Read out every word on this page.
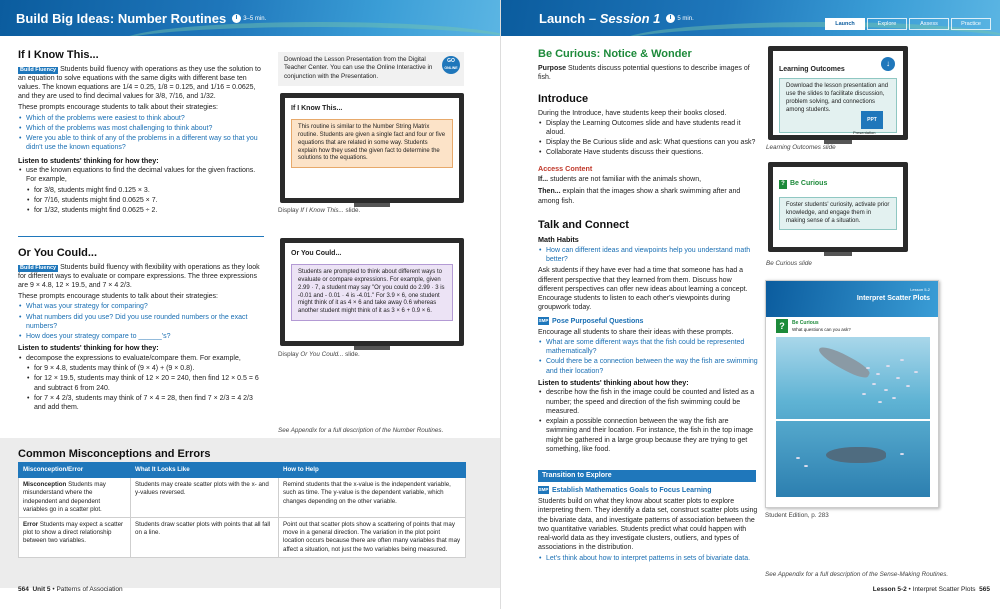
Build Big Ideas: Number Routines	3–5 min.
If I Know This...

Build Fluency Students build fluency with operations as they use the solution to an equation to solve equations with the same digits with different base ten values. The known equations are 1/4 = 0.25, 1/8 = 0.125, and 1/16 = 0.0625, and they are used to find decimal values for 3/8, 7/16, and 1/32.

These prompts encourage students to talk about their strategies:

• Which of the problems were easiest to think about?
• Which of the problems was most challenging to think about?
• Were you able to think of any of the problems in a different way so that you didn't use the known equations?
Listen to students' thinking for how they:
• use the known equations to find the decimal values for the given fractions. For example,
• for 3/8, students might find 0.125 × 3.
• for 7/16, students might find 0.0625 × 7.
• for 1/32, students might find 0.0625 ÷ 2.
Or You Could...

Build Fluency Students build fluency with flexibility with operations as they look for different ways to evaluate or compare expressions. The three expressions are 9 × 4.8, 12 × 19.5, and 7 × 4 2/3.

These prompts encourage students to talk about their strategies:

• What was your strategy for comparing?
• What numbers did you use? Did you use rounded numbers or the exact numbers?
• How does your strategy compare to ______'s?
Listen to students' thinking for how they:
• decompose the expressions to evaluate/compare them. For example,
• for 9 × 4.8, students may think of (9 × 4) + (9 × 0.8).
• for 12 × 19.5, students may think of 12 × 20 = 240, then find 12 × 0.5 = 6 and subtract 6 from 240.
• for 7 × 4 2/3, students may think of 7 × 4 = 28, then find 7 × 2/3 = 4 2/3 and add them.
Download the Lesson Presentation from the Digital Teacher Center. You can use the Online Interactive in conjunction with the Presentation.
GO
ONLINE
If I Know This...
This routine is similar to the Number String Matrix routine. Students are given a single fact and four or five equations that are related in some way. Students explain how they used the given fact to determine the solutions to the equations.
Display If I Know This... slide.
Or You Could...
Students are prompted to think about different ways to evaluate or compare expressions. For example, given 2.99 · 7, a student may say "Or you could do 2.99 · 3 is -0.01 and - 0.01 · 4 is -4.01." For 3.9 × 6, one student might think of it as 4 × 6 and take away 0.6 whereas another student might think of it as 3 × 6 + 0.9 × 6.
Display Or You Could... slide.
See Appendix for a full description of the Number Routines.
Common Misconceptions and Errors
Misconception/Error	What It Looks Like	How to Help
Misconception Students may misunderstand where the independent and dependent variables go in a scatter plot.	Students may create scatter plots with the x- and y-values reversed.	Remind students that the x-value is the independent variable, such as time. The y-value is the dependent variable, which changes depending on the other variable.
Error Students may expect a scatter plot to show a direct relationship between two variables.	Students draw scatter plots with points that all fall on a line.	Point out that scatter plots show a scattering of points that may move in a general direction. The variation in the plot point location occurs because there are often many variables that may affect a situation, not just the two variables being measured.
564 Unit 5 • Patterns of Association
Launch – Session 1	5 min.
Launch	Explore	Assess	Practice
Be Curious: Notice & Wonder

Purpose Students discuss potential questions to describe images of fish.

Introduce

During the Introduce, have students keep their books closed.

• Display the Learning Outcomes slide and have students read it aloud.
• Display the Be Curious slide and ask: What questions can you ask?
• Collaborate Have students discuss their questions.
Access Content

If... students are not familiar with the animals shown,

Then... explain that the images show a shark swimming after and among fish.

Talk and Connect
Math Habits
• How can different ideas and viewpoints help you understand math better?

Ask students if they have ever had a time that someone has had a different perspective that they learned from them. Discuss how different perspectives can offer new ideas about learning a concept. Encourage students to listen to each other's viewpoints during groupwork today.

SMP Pose Purposeful Questions

Encourage all students to share their ideas with these prompts.

• What are some different ways that the fish could be represented mathematically?
• Could there be a connection between the way the fish are swimming and their location?
Listen to students' thinking about how they:
• describe how the fish in the image could be counted and listed as a number; the speed and direction of the fish swimming could be measured.
• explain a possible connection between the way the fish are swimming and their location. For instance, the fish in the top image might be gathered in a large group because they are trying to get something, like food.
Transition to Explore

SMP Establish Mathematics Goals to Focus Learning

Students build on what they know about scatter plots to explore interpreting them. They identify a data set, construct scatter plots using the bivariate data, and investigate patterns of association between the two quantitative variables. Students predict what could happen with real-world data as they investigate clusters, outliers, and types of associations in the distribution.

• Let's think about how to interpret patterns in sets of bivariate data.
Learning Outcomes
↓
Download the lesson presentation and use the slides to facilitate discussion, problem solving, and connections among students.
PPT
Presentation
Learning Outcomes slide
? Be Curious
Foster students' curiosity, activate prior knowledge, and engage them in making sense of a situation.
Be Curious slide
Lesson 5-2
Interpret Scatter Plots
?	Be Curious
What questions can you ask?
Student Edition, p. 283
See Appendix for a full description of the Sense-Making Routines.
Lesson 5-2 • Interpret Scatter Plots 565
